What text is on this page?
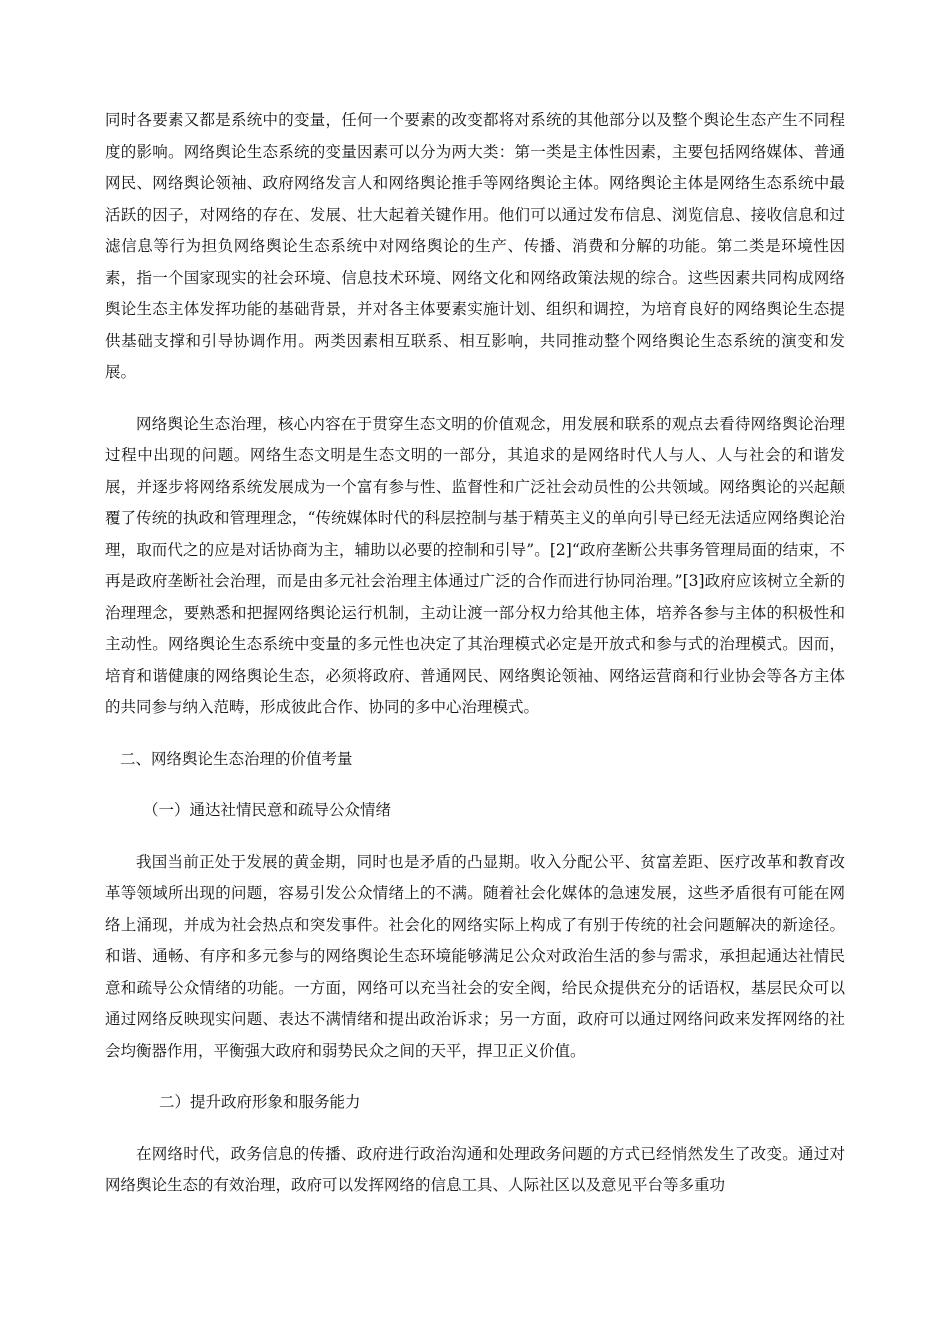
同时各要素又都是系统中的变量，任何一个要素的改变都将对系统的其他部分以及整个舆论生态产生不同程度的影响。网络舆论生态系统的变量因素可以分为两大类：第一类是主体性因素，主要包括网络媒体、普通网民、网络舆论领袖、政府网络发言人和网络舆论推手等网络舆论主体。网络舆论主体是网络生态系统中最活跃的因子，对网络的存在、发展、壮大起着关键作用。他们可以通过发布信息、浏览信息、接收信息和过滤信息等行为担负网络舆论生态系统中对网络舆论的生产、传播、消费和分解的功能。第二类是环境性因素，指一个国家现实的社会环境、信息技术环境、网络文化和网络政策法规的综合。这些因素共同构成网络舆论生态主体发挥功能的基础背景，并对各主体要素实施计划、组织和调控，为培育良好的网络舆论生态提供基础支撑和引导协调作用。两类因素相互联系、相互影响，共同推动整个网络舆论生态系统的演变和发展。

网络舆论生态治理，核心内容在于贯穿生态文明的价值观念，用发展和联系的观点去看待网络舆论治理过程中出现的问题。网络生态文明是生态文明的一部分，其追求的是网络时代人与人、人与社会的和谐发展，并逐步将网络系统发展成为一个富有参与性、监督性和广泛社会动员性的公共领域。网络舆论的兴起颠覆了传统的执政和管理理念，“传统媒体时代的科层控制与基于精英主义的单向引导已经无法适应网络舆论治理，取而代之的应是对话协商为主，辅助以必要的控制和引导”。[2]“政府垄断公共事务管理局面的结束，不再是政府垄断社会治理，而是由多元社会治理主体通过广泛的合作而进行协同治理。”[3]政府应该树立全新的治理理念，要熟悉和把握网络舆论运行机制，主动让渡一部分权力给其他主体，培养各参与主体的积极性和主动性。网络舆论生态系统中变量的多元性也决定了其治理模式必定是开放式和参与式的治理模式。因而，培育和谐健康的网络舆论生态，必须将政府、普通网民、网络舆论领袖、网络运营商和行业协会等各方主体的共同参与纳入范畴，形成彼此合作、协同的多中心治理模式。

二、网络舆论生态治理的价值考量

（一）通达社情民意和疏导公众情绪

我国当前正处于发展的黄金期，同时也是矛盾的凸显期。收入分配公平、贫富差距、医疗改革和教育改革等领域所出现的问题，容易引发公众情绪上的不满。随着社会化媒体的急速发展，这些矛盾很有可能在网络上涌现，并成为社会热点和突发事件。社会化的网络实际上构成了有别于传统的社会问题解决的新途径。和谐、通畅、有序和多元参与的网络舆论生态环境能够满足公众对政治生活的参与需求，承担起通达社情民意和疏导公众情绪的功能。一方面，网络可以充当社会的安全阀，给民众提供充分的话语权，基层民众可以通过网络反映现实问题、表达不满情绪和提出政治诉求；另一方面，政府可以通过网络问政来发挥网络的社会均衡器作用，平衡强大政府和弱势民众之间的天平，捍卫正义价值。

二）提升政府形象和服务能力

在网络时代，政务信息的传播、政府进行政治沟通和处理政务问题的方式已经悄然发生了改变。通过对网络舆论生态的有效治理，政府可以发挥网络的信息工具、人际社区以及意见平台等多重功
